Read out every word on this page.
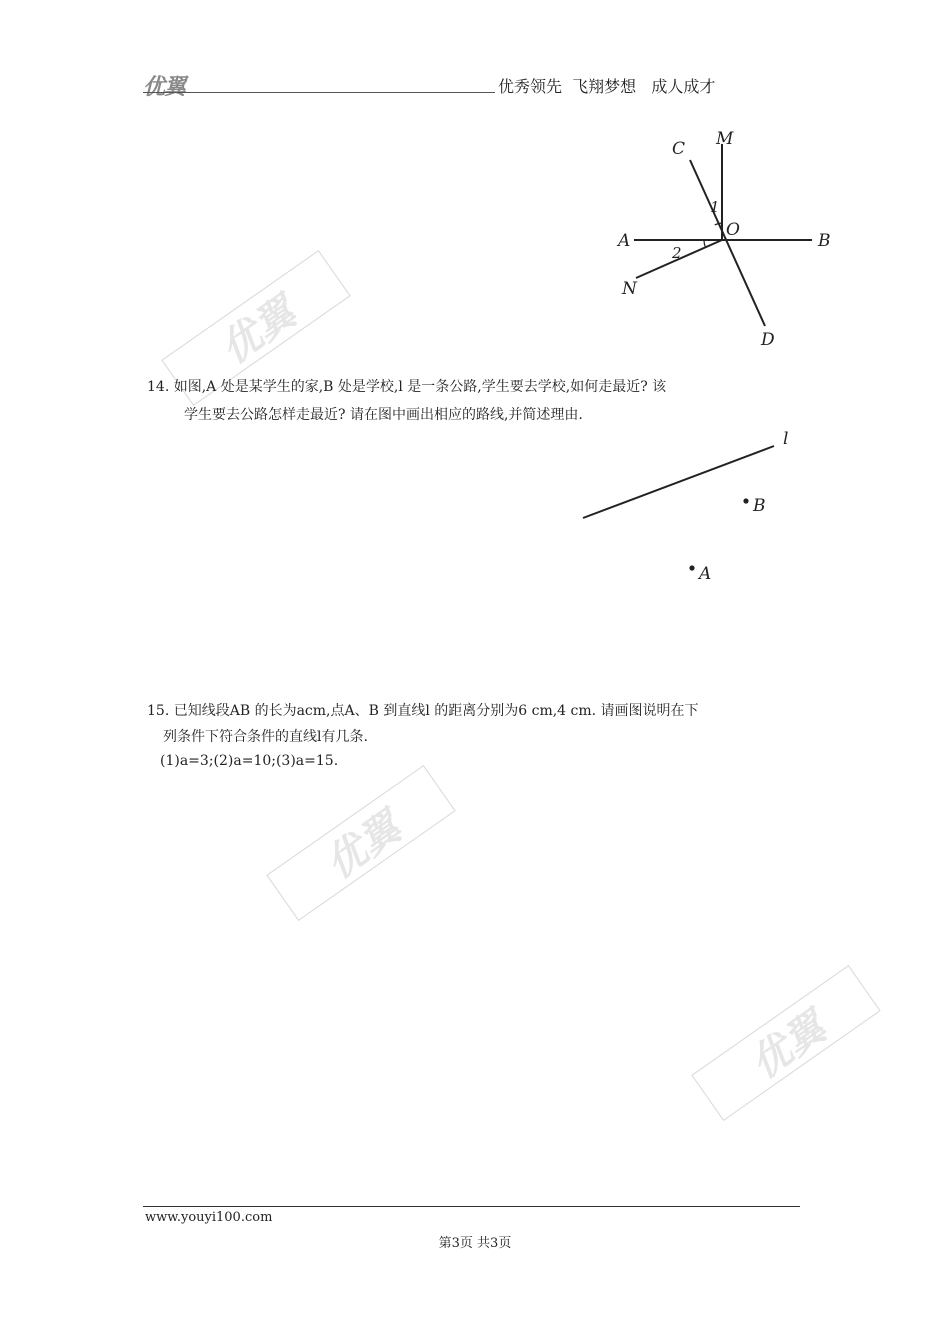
优翼
优翼
优翼
优翼	优秀领先  飞翔梦想   成人成才
C M
O
A	B
N
D
1
2
14. 如图,A 处是某学生的家,B 处是学校,l 是一条公路,学生要去学校,如何走最近? 该
学生要去公路怎样走最近? 请在图中画出相应的路线,并简述理由.
l
B
A
15. 已知线段AB 的长为acm,点A、B 到直线l 的距离分别为6 cm,4 cm. 请画图说明在下
列条件下符合条件的直线l有几条.
(1)a=3;(2)a=10;(3)a=15.
www.youyi100.com
第3页 共3页
